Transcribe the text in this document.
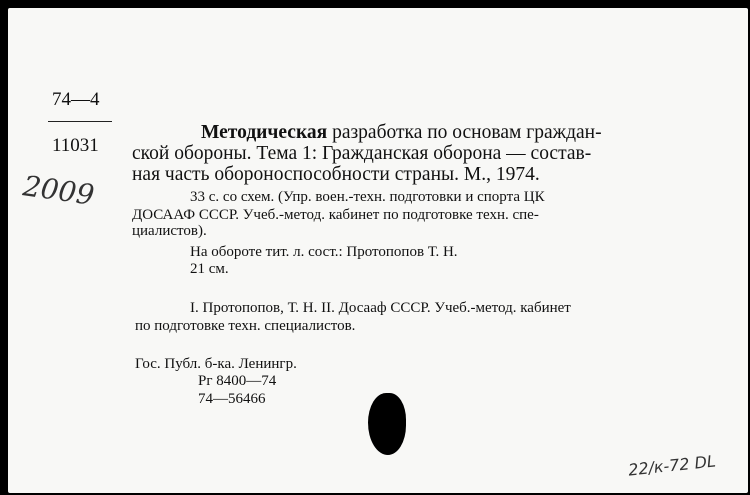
74—4
11031
2009
Методическая разработка по основам граждан-
ской обороны. Тема 1: Гражданская оборона — состав-
ная часть обороноспособности страны. М., 1974.
33 с. со схем. (Упр. воен.-техн. подготовки и спорта ЦК
ДОСААФ СССР. Учеб.-метод. кабинет по подготовке техн. спе-
циалистов).
На обороте тит. л. сост.: Протопопов Т. Н.
21 см.
I. Протопопов, Т. Н. II. Досааф СССР. Учеб.-метод. кабинет
по подготовке техн. специалистов.
Гос. Публ. б-ка. Ленингр.
Рг 8400—74
74—56466
22/к-72 DL
